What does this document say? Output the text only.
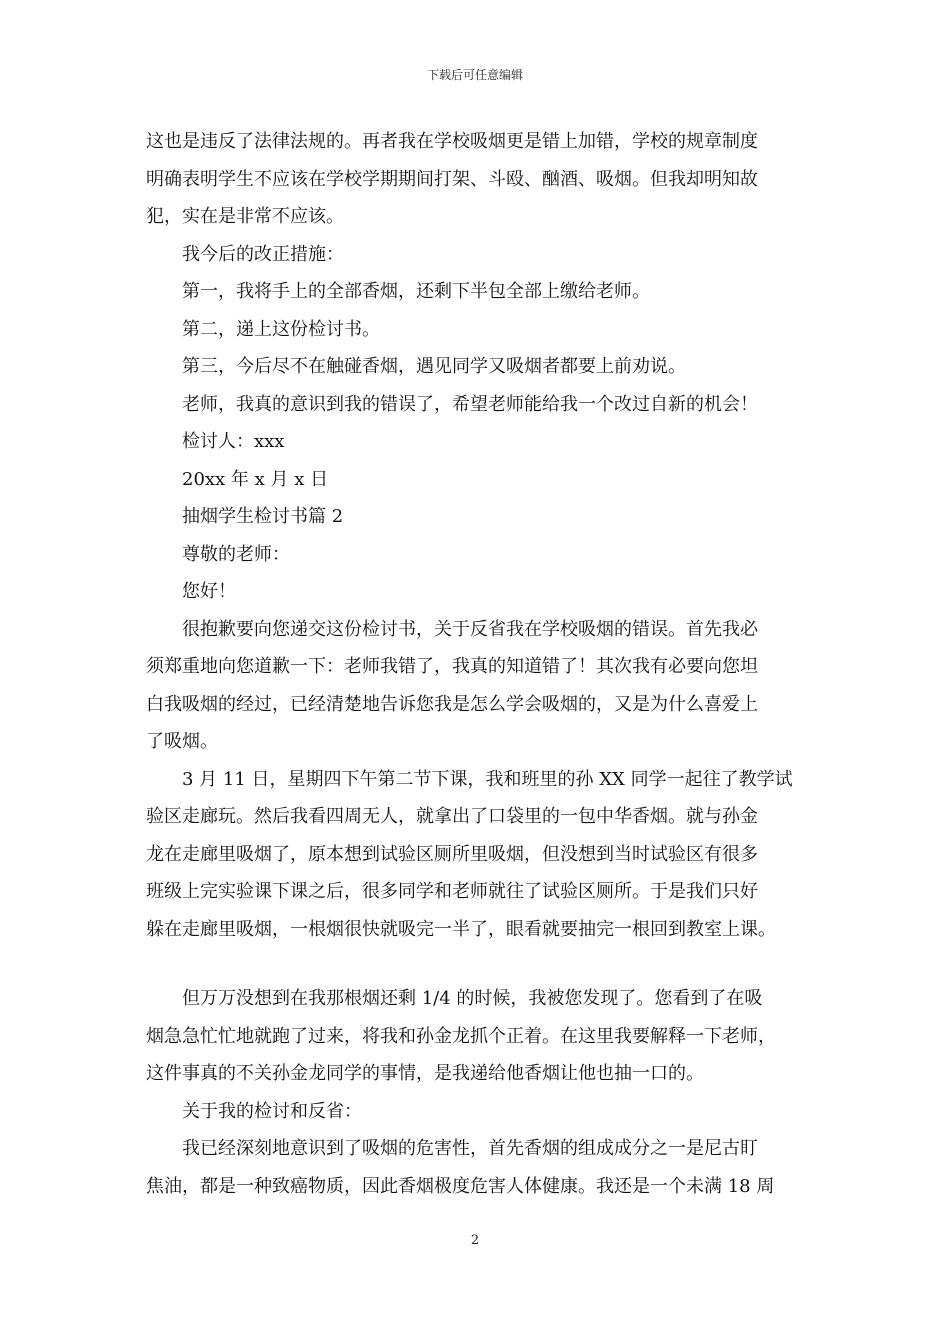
下载后可任意编辑

这也是违反了法律法规的。再者我在学校吸烟更是错上加错，学校的规章制度

明确表明学生不应该在学校学期期间打架、斗殴、酗酒、吸烟。但我却明知故

犯，实在是非常不应该。

我今后的改正措施：

第一，我将手上的全部香烟，还剩下半包全部上缴给老师。

第二，递上这份检讨书。

第三，今后尽不在触碰香烟，遇见同学又吸烟者都要上前劝说。

老师，我真的意识到我的错误了，希望老师能给我一个改过自新的机会！

检讨人：xxx

20xx 年 x 月 x 日

抽烟学生检讨书篇 2

尊敬的老师：

您好！

很抱歉要向您递交这份检讨书，关于反省我在学校吸烟的错误。首先我必

须郑重地向您道歉一下：老师我错了，我真的知道错了！其次我有必要向您坦

白我吸烟的经过，已经清楚地告诉您我是怎么学会吸烟的，又是为什么喜爱上

了吸烟。

3 月 11 日，星期四下午第二节下课，我和班里的孙 XX 同学一起往了教学试

验区走廊玩。然后我看四周无人，就拿出了口袋里的一包中华香烟。就与孙金

龙在走廊里吸烟了，原本想到试验区厕所里吸烟，但没想到当时试验区有很多

班级上完实验课下课之后，很多同学和老师就往了试验区厕所。于是我们只好

躲在走廊里吸烟，一根烟很快就吸完一半了，眼看就要抽完一根回到教室上课。

但万万没想到在我那根烟还剩 1/4 的时候，我被您发现了。您看到了在吸

烟急急忙忙地就跑了过来，将我和孙金龙抓个正着。在这里我要解释一下老师，

这件事真的不关孙金龙同学的事情，是我递给他香烟让他也抽一口的。

关于我的检讨和反省：

我已经深刻地意识到了吸烟的危害性，首先香烟的组成成分之一是尼古盯

焦油，都是一种致癌物质，因此香烟极度危害人体健康。我还是一个未满 18 周

2
